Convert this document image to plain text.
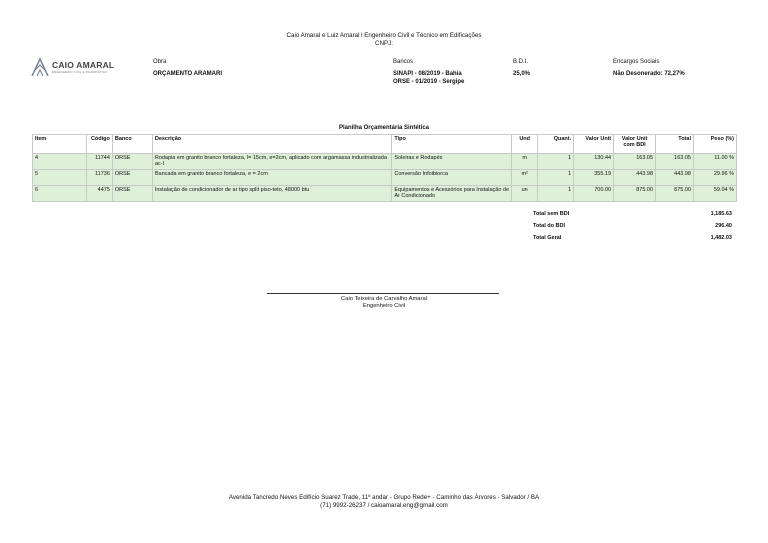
Caio Amaral e Luiz Amaral l Engenheiro Civil e Técnico em Edificações
CNPJ:
CAIO AMARAL
ENGENHEIRO CIVIL E DIAGNÓSTICO
Obra
ORÇAMENTO ARAMARI
Bancos
SINAPI - 08/2019 - Bahia
ORSE - 01/2019 - Sergipe
B.D.I.
25,0%
Encargos Sociais
Não Desonerado: 72,27%
Planilha Orçamentária Sintética
Item	Código	Banco	Descrição	Tipo	Und	Quant.	Valor Unit	Valor Unit com BDI	Total	Peso (%)
4	11744	ORSE	Rodapia em granito branco fortaleza, l= 15cm, e=2cm, aplicado com argamassa industrializada ac-I	Soleiras e Rodapés	m	1	130.44	163.05	163.05	11.00 %
5	11736	ORSE	Bancada em granito branco fortaleza, e = 2cm	Conversão Infoibiorca	m²	1	355.19	443.98	443.98	29.96 %
6	4475	ORSE	Instalação de condicionador de ar tipo split piso-teto, 48000 btu	Equipamentos e Acessórios para Instalação de Ar Condicionado	un	1	700.00	875.00	875.00	59.04 %
Total sem BDI	1,185.63
Total do BDI	296.40
Total Geral	1,482.03
Caio Teixeira de Carvalho Amaral
Engenheiro Civil
Avenida Tancredo Neves Edifício Suarez Trade, 11º andar - Grupo Rede+ - Caminho das Árvores - Salvador / BA
(71) 9992-26237 / caioamaral.eng@gmail.com
